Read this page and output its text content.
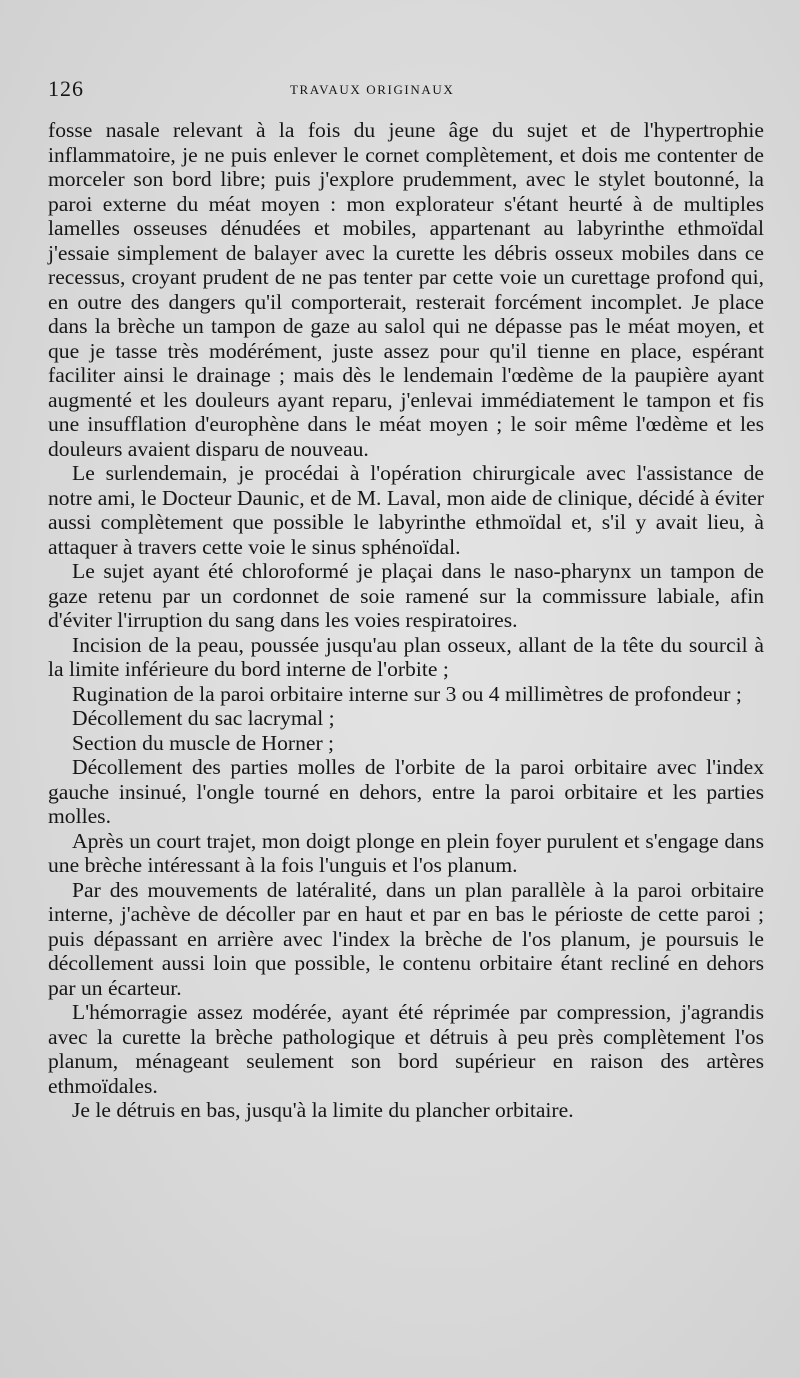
126	TRAVAUX ORIGINAUX

fosse nasale relevant à la fois du jeune âge du sujet et de l'hypertrophie inflammatoire, je ne puis enlever le cornet complètement, et dois me contenter de morceler son bord libre; puis j'explore prudemment, avec le stylet boutonné, la paroi externe du méat moyen : mon explorateur s'étant heurté à de multiples lamelles osseuses dénudées et mobiles, appartenant au labyrinthe ethmoïdal j'essaie simplement de balayer avec la curette les débris osseux mobiles dans ce recessus, croyant prudent de ne pas tenter par cette voie un curettage profond qui, en outre des dangers qu'il comporterait, resterait forcément incomplet. Je place dans la brèche un tampon de gaze au salol qui ne dépasse pas le méat moyen, et que je tasse très modérément, juste assez pour qu'il tienne en place, espérant faciliter ainsi le drainage ; mais dès le lendemain l'œdème de la paupière ayant augmenté et les douleurs ayant reparu, j'enlevai immédiatement le tampon et fis une insufflation d'europhène dans le méat moyen ; le soir même l'œdème et les douleurs avaient disparu de nouveau.

Le surlendemain, je procédai à l'opération chirurgicale avec l'assistance de notre ami, le Docteur Daunic, et de M. Laval, mon aide de clinique, décidé à éviter aussi complètement que possible le labyrinthe ethmoïdal et, s'il y avait lieu, à attaquer à travers cette voie le sinus sphénoïdal.

Le sujet ayant été chloroformé je plaçai dans le naso-pharynx un tampon de gaze retenu par un cordonnet de soie ramené sur la commissure labiale, afin d'éviter l'irruption du sang dans les voies respiratoires.

Incision de la peau, poussée jusqu'au plan osseux, allant de la tête du sourcil à la limite inférieure du bord interne de l'orbite ;

Rugination de la paroi orbitaire interne sur 3 ou 4 millimètres de profondeur ;

Décollement du sac lacrymal ;

Section du muscle de Horner ;

Décollement des parties molles de l'orbite de la paroi orbitaire avec l'index gauche insinué, l'ongle tourné en dehors, entre la paroi orbitaire et les parties molles.

Après un court trajet, mon doigt plonge en plein foyer purulent et s'engage dans une brèche intéressant à la fois l'unguis et l'os planum.

Par des mouvements de latéralité, dans un plan parallèle à la paroi orbitaire interne, j'achève de décoller par en haut et par en bas le périoste de cette paroi ; puis dépassant en arrière avec l'index la brèche de l'os planum, je poursuis le décollement aussi loin que possible, le contenu orbitaire étant recliné en dehors par un écarteur.

L'hémorragie assez modérée, ayant été réprimée par compression, j'agrandis avec la curette la brèche pathologique et détruis à peu près complètement l'os planum, ménageant seulement son bord supérieur en raison des artères ethmoïdales.

Je le détruis en bas, jusqu'à la limite du plancher orbitaire.
